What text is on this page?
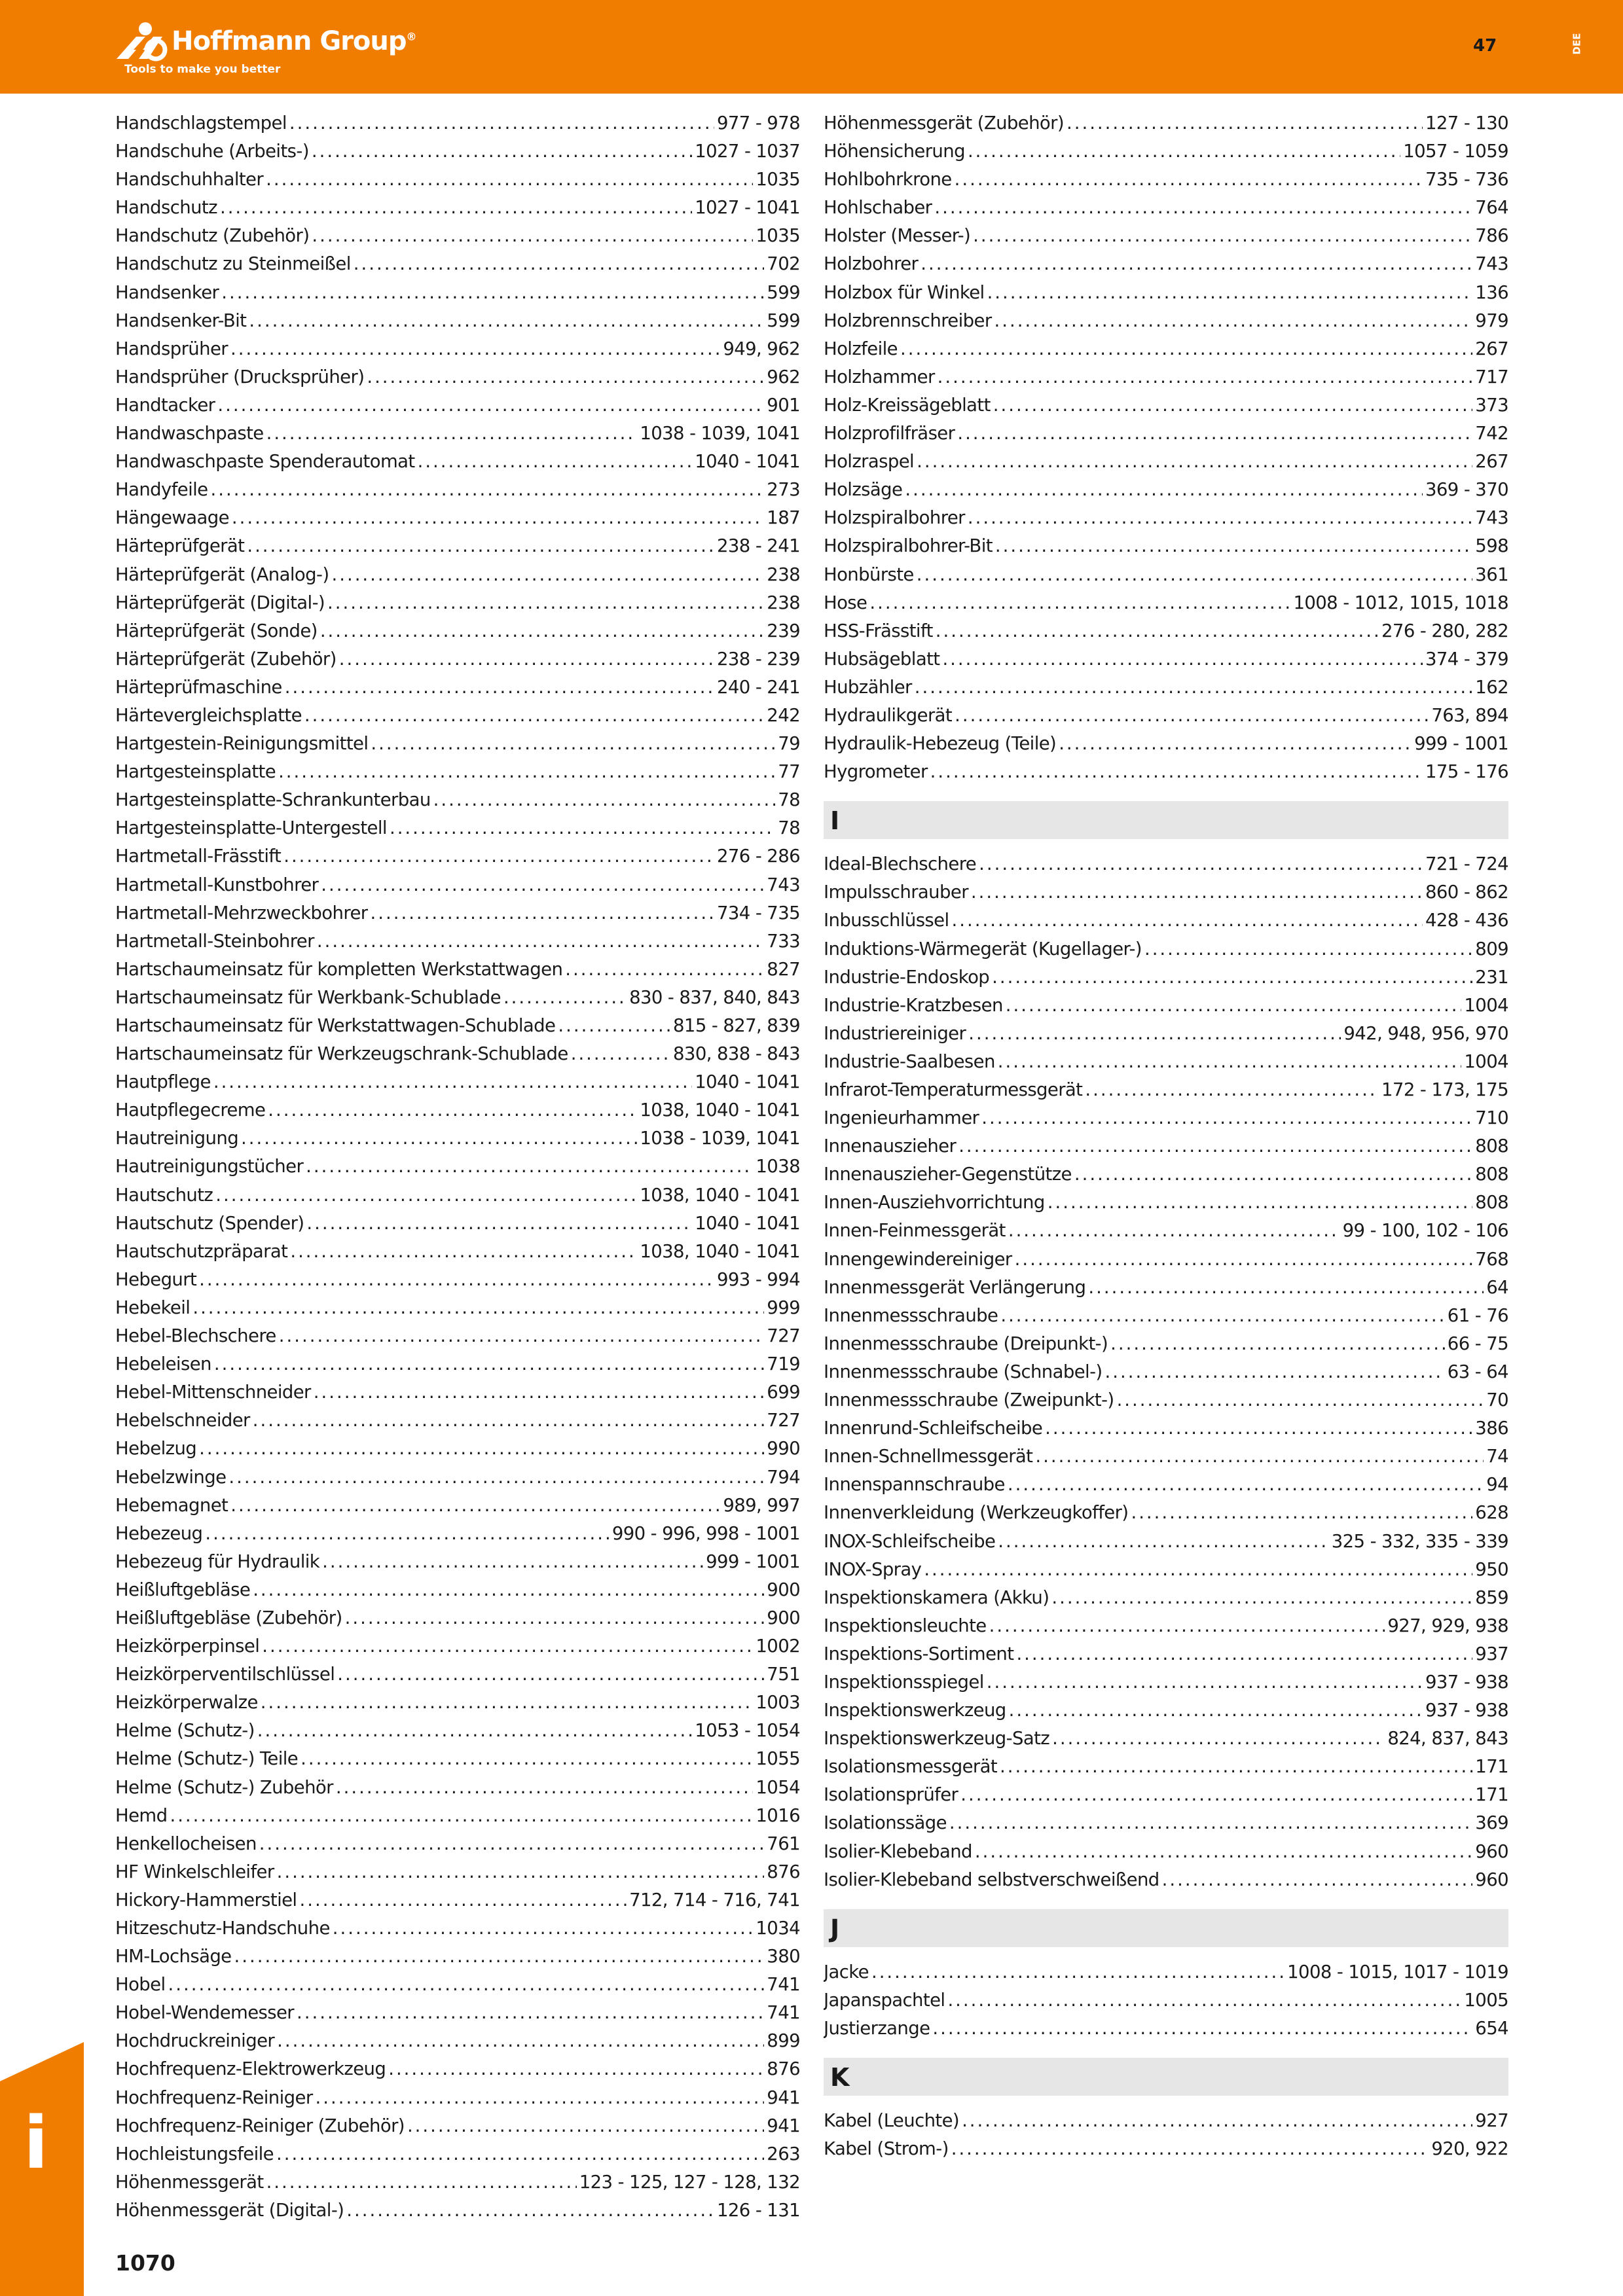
Hoffmann Group®
Tools to make you better
47	DEE
Handschlagstempel .....	977 - 978
Handschuhe (Arbeits-) .....	1027 - 1037
Handschuhhalter .....	1035
Handschutz .....	1027 - 1041
Handschutz (Zubehör) .....	1035
Handschutz zu Steinmeißel .....	702
Handsenker .....	599
Handsenker-Bit .....	599
Handsprüher .....	949, 962
Handsprüher (Drucksprüher) .....	962
Handtacker .....	901
Handwaschpaste .....	1038 - 1039, 1041
Handwaschpaste Spenderautomat .....	1040 - 1041
Handyfeile .....	273
Hängewaage .....	187
Härteprüfgerät .....	238 - 241
Härteprüfgerät (Analog-) .....	238
Härteprüfgerät (Digital-) .....	238
Härteprüfgerät (Sonde) .....	239
Härteprüfgerät (Zubehör) .....	238 - 239
Härteprüfmaschine .....	240 - 241
Härtevergleichsplatte .....	242
Hartgestein-Reinigungsmittel .....	79
Hartgesteinsplatte .....	77
Hartgesteinsplatte-Schrankunterbau .....	78
Hartgesteinsplatte-Untergestell .....	78
Hartmetall-Frässtift .....	276 - 286
Hartmetall-Kunstbohrer .....	743
Hartmetall-Mehrzweckbohrer .....	734 - 735
Hartmetall-Steinbohrer .....	733
Hartschaumeinsatz für kompletten Werkstattwagen .....	827
Hartschaumeinsatz für Werkbank-Schublade .....	830 - 837, 840, 843
Hartschaumeinsatz für Werkstattwagen-Schublade .....	815 - 827, 839
Hartschaumeinsatz für Werkzeugschrank-Schublade .....	830, 838 - 843
Hautpflege .....	1040 - 1041
Hautpflegecreme .....	1038, 1040 - 1041
Hautreinigung .....	1038 - 1039, 1041
Hautreinigungstücher .....	1038
Hautschutz .....	1038, 1040 - 1041
Hautschutz (Spender) .....	1040 - 1041
Hautschutzpräparat .....	1038, 1040 - 1041
Hebegurt .....	993 - 994
Hebekeil .....	999
Hebel-Blechschere .....	727
Hebeleisen .....	719
Hebel-Mittenschneider .....	699
Hebelschneider .....	727
Hebelzug .....	990
Hebelzwinge .....	794
Hebemagnet .....	989, 997
Hebezeug .....	990 - 996, 998 - 1001
Hebezeug für Hydraulik .....	999 - 1001
Heißluftgebläse .....	900
Heißluftgebläse (Zubehör) .....	900
Heizkörperpinsel .....	1002
Heizkörperventilschlüssel .....	751
Heizkörperwalze .....	1003
Helme (Schutz-) .....	1053 - 1054
Helme (Schutz-) Teile .....	1055
Helme (Schutz-) Zubehör .....	1054
Hemd .....	1016
Henkellocheisen .....	761
HF Winkelschleifer .....	876
Hickory-Hammerstiel .....	712, 714 - 716, 741
Hitzeschutz-Handschuhe .....	1034
HM-Lochsäge .....	380
Hobel .....	741
Hobel-Wendemesser .....	741
Hochdruckreiniger .....	899
Hochfrequenz-Elektrowerkzeug .....	876
Hochfrequenz-Reiniger .....	941
Hochfrequenz-Reiniger (Zubehör) .....	941
Hochleistungsfeile .....	263
Höhenmessgerät .....	123 - 125, 127 - 128, 132
Höhenmessgerät (Digital-) .....	126 - 131
Höhenmessgerät (Zubehör) .....	127 - 130
Höhensicherung .....	1057 - 1059
Hohlbohrkrone .....	735 - 736
Hohlschaber .....	764
Holster (Messer-) .....	786
Holzbohrer .....	743
Holzbox für Winkel .....	136
Holzbrennschreiber .....	979
Holzfeile .....	267
Holzhammer .....	717
Holz-Kreissägeblatt .....	373
Holzprofilfräser .....	742
Holzraspel .....	267
Holzsäge .....	369 - 370
Holzspiralbohrer .....	743
Holzspiralbohrer-Bit .....	598
Honbürste .....	361
Hose .....	1008 - 1012, 1015, 1018
HSS-Frässtift .....	276 - 280, 282
Hubsägeblatt .....	374 - 379
Hubzähler .....	162
Hydraulikgerät .....	763, 894
Hydraulik-Hebezeug (Teile) .....	999 - 1001
Hygrometer .....	175 - 176
I
Ideal-Blechschere .....	721 - 724
Impulsschrauber .....	860 - 862
Inbusschlüssel .....	428 - 436
Induktions-Wärmegerät (Kugellager-) .....	809
Industrie-Endoskop .....	231
Industrie-Kratzbesen .....	1004
Industriereiniger .....	942, 948, 956, 970
Industrie-Saalbesen .....	1004
Infrarot-Temperaturmessgerät .....	172 - 173, 175
Ingenieurhammer .....	710
Innenauszieher .....	808
Innenauszieher-Gegenstütze .....	808
Innen-Ausziehvorrichtung .....	808
Innen-Feinmessgerät .....	99 - 100, 102 - 106
Innengewindereiniger .....	768
Innenmessgerät Verlängerung .....	64
Innenmessschraube .....	61 - 76
Innenmessschraube (Dreipunkt-) .....	66 - 75
Innenmessschraube (Schnabel-) .....	63 - 64
Innenmessschraube (Zweipunkt-) .....	70
Innenrund-Schleifscheibe .....	386
Innen-Schnellmessgerät .....	74
Innenspannschraube .....	94
Innenverkleidung (Werkzeugkoffer) .....	628
INOX-Schleifscheibe .....	325 - 332, 335 - 339
INOX-Spray .....	950
Inspektionskamera (Akku) .....	859
Inspektionsleuchte .....	927, 929, 938
Inspektions-Sortiment .....	937
Inspektionsspiegel .....	937 - 938
Inspektionswerkzeug .....	937 - 938
Inspektionswerkzeug-Satz .....	824, 837, 843
Isolationsmessgerät .....	171
Isolationsprüfer .....	171
Isolationssäge .....	369
Isolier-Klebeband .....	960
Isolier-Klebeband selbstverschweißend .....	960
J
Jacke .....	1008 - 1015, 1017 - 1019
Japanspachtel .....	1005
Justierzange .....	654
K
Kabel (Leuchte) .....	927
Kabel (Strom-) .....	920, 922
i
1070
